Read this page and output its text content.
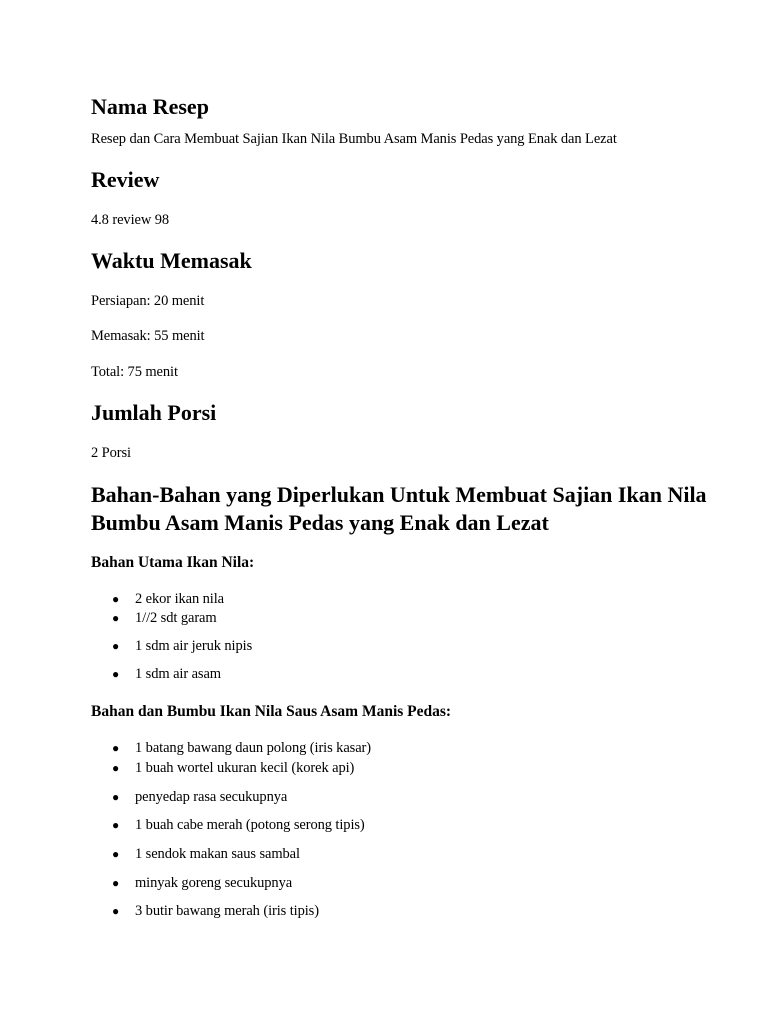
Nama Resep

Resep dan Cara Membuat Sajian Ikan Nila Bumbu Asam Manis Pedas yang Enak dan Lezat

Review

4.8 review 98

Waktu Memasak

Persiapan: 20 menit

Memasak: 55 menit

Total: 75 menit

Jumlah Porsi

2 Porsi

Bahan-Bahan yang Diperlukan Untuk Membuat Sajian Ikan Nila Bumbu Asam Manis Pedas yang Enak dan Lezat
Bahan Utama Ikan Nila:
● 2 ekor ikan nila
● 1//2 sdt garam
● 1 sdm air jeruk nipis
● 1 sdm air asam
Bahan dan Bumbu Ikan Nila Saus Asam Manis Pedas:
● 1 batang bawang daun polong (iris kasar)
● 1 buah wortel ukuran kecil (korek api)
● penyedap rasa secukupnya
● 1 buah cabe merah (potong serong tipis)
● 1 sendok makan saus sambal
● minyak goreng secukupnya
● 3 butir bawang merah (iris tipis)
